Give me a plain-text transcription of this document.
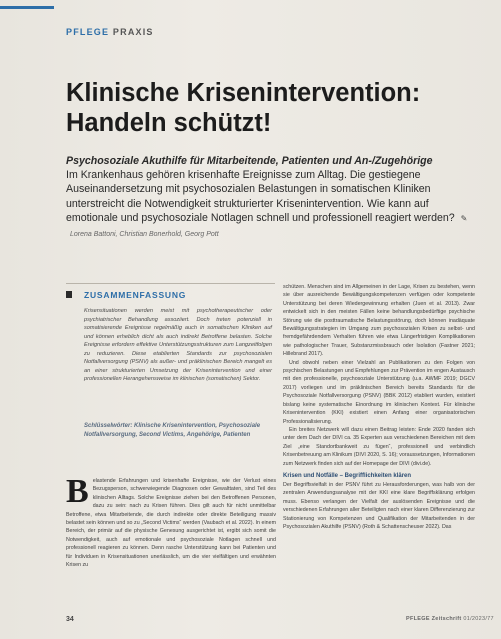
PFLEGE PRAXIS
Klinische Krisenintervention:
Handeln schützt!
Psychosoziale Akuthilfe für Mitarbeitende, Patienten und An-/Zugehörige
Im Krankenhaus gehören krisenhafte Ereignisse zum Alltag. Die gestiegene Auseinandersetzung mit psychosozialen Belastungen in somatischen Kliniken unterstreicht die Notwendigkeit strukturierter Krisenintervention. Wie kann auf emotionale und psychosoziale Notlagen schnell und professionell reagiert werden? ✎ Lorena Battoni, Christian Bonerhold, Georg Pott
ZUSAMMENFASSUNG
Krisensituationen werden meist mit psychotherapeutischer oder psychiatrischer Behandlung assoziiert. Doch treten potenziell in somatisierende Ereignisse regelmäßig auch in somatischen Kliniken auf und können erheblich dicht als auch indirekt Betroffene belasten. Solche Ereignisse erfordern effektive Unterstützungsstrukturen zum Langzeitfolgen zu reduzieren. Diese etablierten Standards zur psychosozialen Notfallversorgung (PSNV) als außer- und präklinischen Bereich mangelt es an einer strukturierten Umsetzung der Krisenintervention und einer professionellen Herangehensweise im klinischen (somatischen) Sektor.
Schlüsselwörter: Klinische Krisenintervention, Psychosoziale Notfallversorgung, Second Victims, Angehörige, Patienten
B elastende Erfahrungen und krisenhafte Ereignisse, wie der Verlust eines Bezugsperson, schwerwiegende Diagnosen oder Gewalttaten, sind Teil des klinischen Alltags. Solche Ereignisse ziehen bei den Betroffenen Personen, dazu zu sein: nach zu Krisen führen. Dies gilt auch für nicht unmittelbar Betroffene, etwa Mitarbeitende, die durch indirekte oder direkte Beteiligung massiv belastet sein können und so zu „Second Victims“ werden (Vaubach et al. 2022). In einem Bereich, der primär auf die physische Genesung ausgerichtet ist, ergibt sich somit die Notwendigkeit, auch auf emotionale und psychosoziale Notlagen schnell und professionell reagieren zu können. Denn rasche Unterstützung kann bei Patienten und für Individuen in Krisensituationen unerlässlich, um die vier vielfältigen und erwähnten Krisen zu

schützen. Menschen sind im Allgemeinen in der Lage, Krisen zu bestehen, wenn sie über ausreichende Bewältigungskompetenzen verfügen oder kompetente Unterstützung bei deren Wiedergewinnung erhalten (Juen et al. 2013). Zwar entwickelt sich in den meisten Fällen keine behandlungsbedürftige psychische Störung wie die posttraumatische Belastungsstörung, doch können inadäquate Bewältigungsstrategien im Umgang zum psychosozialen Krisen zu selbst- und fremdgefährdendem Verhalten führen wie etwa Längerfristigen Komplikationen wie pathologischer Trauer, Substanzmissbrauch oder Isolation (Fastner 2021; Hillebrand 2017).

Und obwohl neben einer Vielzahl an Publikationen zu den Folgen von psychischen Belastungen und Empfehlungen zur Prävention im engen Austausch mit den professionelle, psychosoziale Unterstützung (u.a. AWMF 2019; DGCV 2017) vorliegen und im präklinischen Bereich bereits Standards für die Psychosoziale Notfallversorgung (PSNV) (BBK 2012) etabliert wurden, existiert bislang keine systematische Einordnung im klinischen Kontext. Für klinische Krisenintervention (KKI) existiert einen Anfang einer organisatorischen Professionalisierung.

Ein breites Netzwerk will dazu einen Beitrag leisten: Ende 2020 fanden sich unter dem Dach der DIVI ca. 35 Experten aus verschiedenen Bereichen mit dem Ziel „eine Standortbankweit zu fügen“, professionell und verbindlich Krisenbetreuung am Klinikum (DIVI 2020, S. 16); voraussetzungen, Informationen zum Netzwerk finden sich auf der Homepage der DIVI (divi.de).

Krisen und Notfälle – Begrifflichkeiten klären

Der Begriffsvielfalt in der PSNV führt zu Herausforderungen, was halb von der zentralen Anwendungsanalyse mit der KKI eine klare Begriffsklärung erfolgen muss. Ebenso verlangen der Vielfalt der auslösenden Ereignisse und die verschiedenen Erfahrungen aller Beteiligten nach einer klaren Differenzierung zur Stationierung von Kompetenzen und Qualifikation der Mitarbeitenden in der Psychosozialen Akuthilfe (PSNV) (Roth & Schattenscheuser 2022). Das

34	PFLEGE Zeitschrift 01/2023/77
